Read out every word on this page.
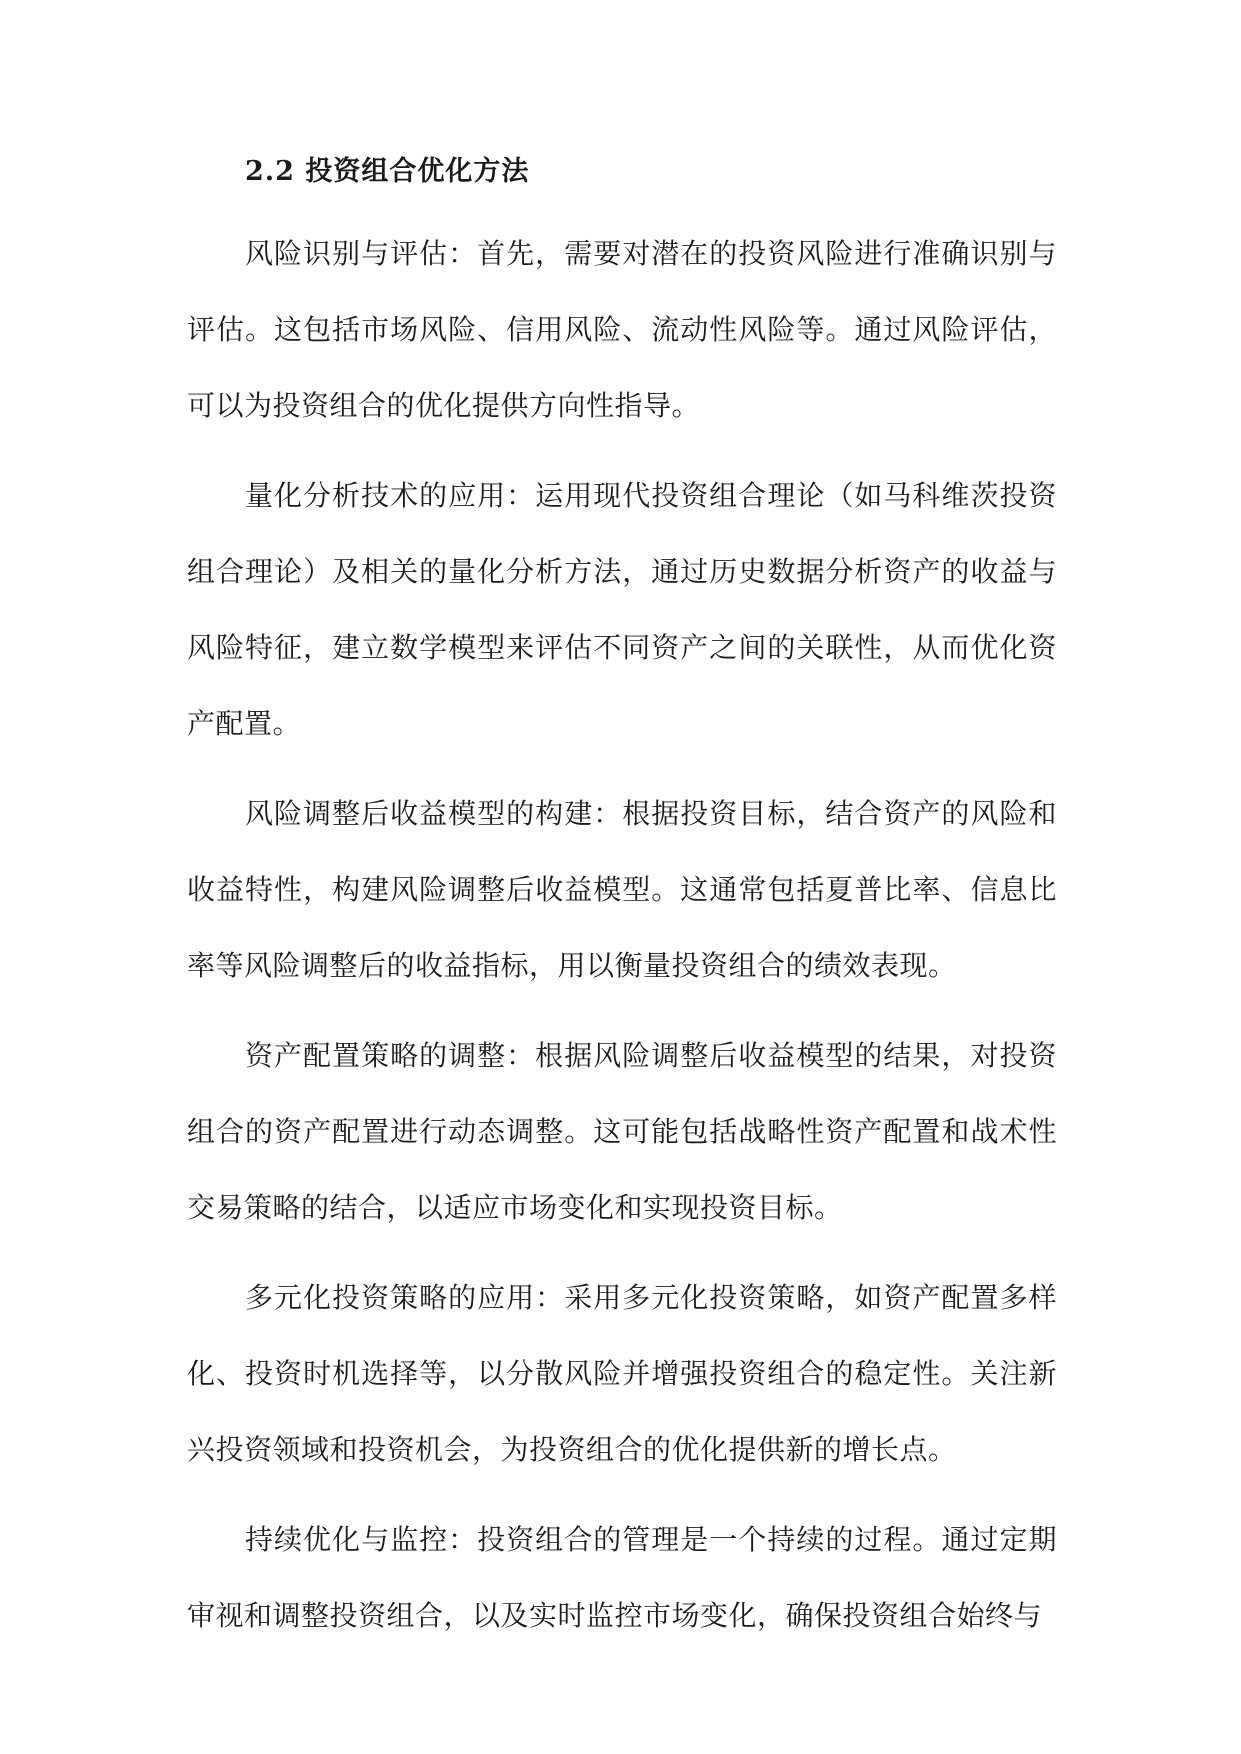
2.2 投资组合优化方法

风险识别与评估：首先，需要对潜在的投资风险进行准确识别与评估。这包括市场风险、信用风险、流动性风险等。通过风险评估，可以为投资组合的优化提供方向性指导。

量化分析技术的应用：运用现代投资组合理论（如马科维茨投资组合理论）及相关的量化分析方法，通过历史数据分析资产的收益与风险特征，建立数学模型来评估不同资产之间的关联性，从而优化资产配置。

风险调整后收益模型的构建：根据投资目标，结合资产的风险和收益特性，构建风险调整后收益模型。这通常包括夏普比率、信息比率等风险调整后的收益指标，用以衡量投资组合的绩效表现。

资产配置策略的调整：根据风险调整后收益模型的结果，对投资组合的资产配置进行动态调整。这可能包括战略性资产配置和战术性交易策略的结合，以适应市场变化和实现投资目标。

多元化投资策略的应用：采用多元化投资策略，如资产配置多样化、投资时机选择等，以分散风险并增强投资组合的稳定性。关注新兴投资领域和投资机会，为投资组合的优化提供新的增长点。

持续优化与监控：投资组合的管理是一个持续的过程。通过定期审视和调整投资组合，以及实时监控市场变化，确保投资组合始终与
